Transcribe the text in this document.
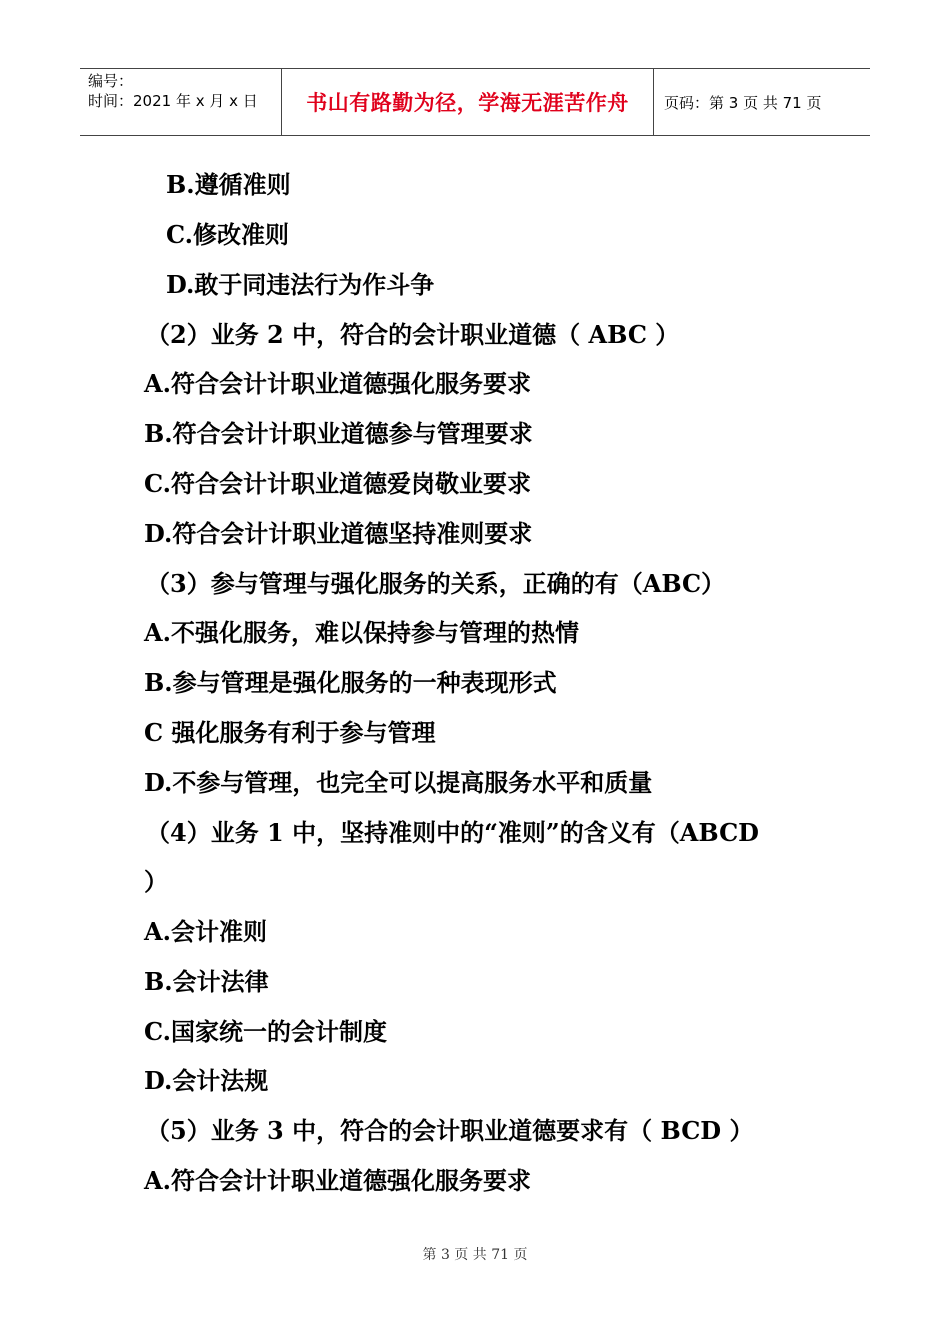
编号：
时间：2021 年 x 月 x 日	书山有路勤为径，学海无涯苦作舟	页码：第 3 页 共 71 页
B.遵循准则
C.修改准则
D.敢于同违法行为作斗争
（2）业务 2 中，符合的会计职业道德（ ABC ）
A.符合会计计职业道德强化服务要求
B.符合会计计职业道德参与管理要求
C.符合会计计职业道德爱岗敬业要求
D.符合会计计职业道德坚持准则要求
（3）参与管理与强化服务的关系，正确的有（ABC）
A.不强化服务，难以保持参与管理的热情
B.参与管理是强化服务的一种表现形式
C 强化服务有利于参与管理
D.不参与管理，也完全可以提高服务水平和质量
（4）业务 1 中，坚持准则中的“准则”的含义有（ABCD
）
A.会计准则
B.会计法律
C.国家统一的会计制度
D.会计法规
（5）业务 3 中，符合的会计职业道德要求有（ BCD ）
A.符合会计计职业道德强化服务要求
第 3 页 共 71 页
